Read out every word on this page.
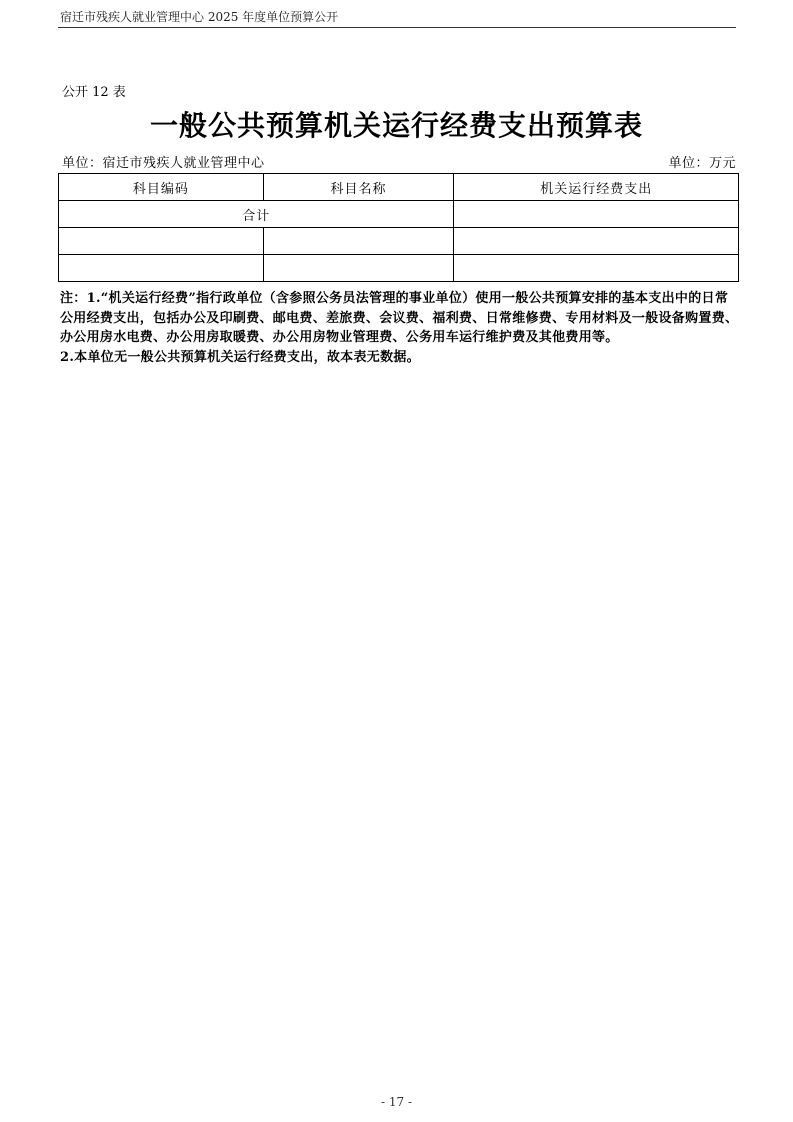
宿迁市残疾人就业管理中心 2025 年度单位预算公开
公开 12 表
一般公共预算机关运行经费支出预算表
单位：宿迁市残疾人就业管理中心	单位：万元
科目编码	科目名称	机关运行经费支出
合计		

注：1.“机关运行经费”指行政单位（含参照公务员法管理的事业单位）使用一般公共预算安排的基本支出中的日常公用经费支出，包括办公及印刷费、邮电费、差旅费、会议费、福利费、日常维修费、专用材料及一般设备购置费、办公用房水电费、办公用房取暖费、办公用房物业管理费、公务用车运行维护费及其他费用等。

2.本单位无一般公共预算机关运行经费支出，故本表无数据。

- 17 -
